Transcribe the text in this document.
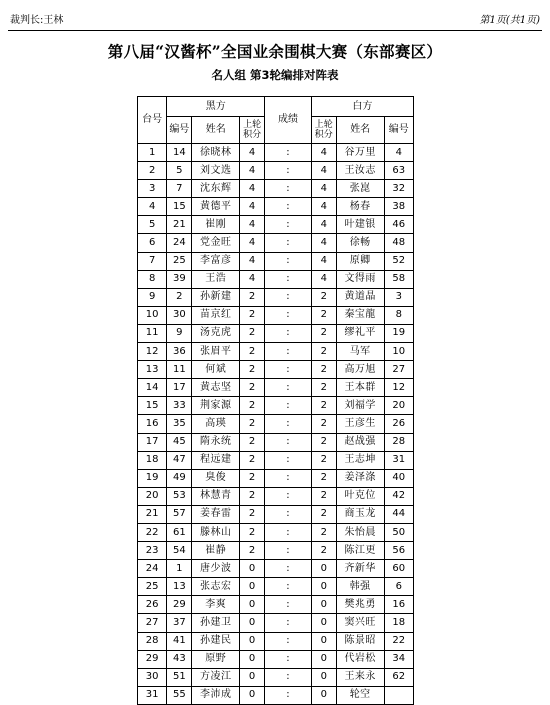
裁判长:王林	第1页(共1页)
第八届“汉酱杯”全国业余围棋大赛（东部赛区）
名人组 第3轮编排对阵表
台号	黑方			成绩	白方		
	编号	姓名	上轮积分		上轮积分	姓名	编号
1	14	徐晓林	4	:	4	谷万里	4
2	5	刘文选	4	:	4	王汝志	63
3	7	沈东辉	4	:	4	张崑	32
4	15	黄德平	4	:	4	杨春	38
5	21	崔刚	4	:	4	叶建银	46
6	24	党金旺	4	:	4	徐畅	48
7	25	李富彦	4	:	4	原卿	52
8	39	王浩	4	:	4	文得雨	58
9	2	孙新建	2	:	2	黄道晶	3
10	30	苗京红	2	:	2	秦宝龍	8
11	9	汤克虎	2	:	2	缪礼平	19
12	36	张眉平	2	:	2	马军	10
13	11	何斌	2	:	2	高万旭	27
14	17	黄志坚	2	:	2	王本群	12
15	33	荆家源	2	:	2	刘福学	20
16	35	高瑛	2	:	2	王彦生	26
17	45	隋永统	2	:	2	赵战强	28
18	47	程远建	2	:	2	王志坤	31
19	49	臭俊	2	:	2	姜泽涤	40
20	53	林慧青	2	:	2	叶克位	42
21	57	姜春雷	2	:	2	商玉龙	44
22	61	滕林山	2	:	2	朱怡晨	50
23	54	崔静	2	:	2	陈江更	56
24	1	唐少波	0	:	0	齐新华	60
25	13	张志宏	0	:	0	韩强	6
26	29	李爽	0	:	0	樊兆勇	16
27	37	孙建卫	0	:	0	窦兴旺	18
28	41	孙建民	0	:	0	陈景昭	22
29	43	原野	0	:	0	代岩松	34
30	51	方凌江	0	:	0	王来永	62
31	55	李沛成	0	:	0	轮空	
